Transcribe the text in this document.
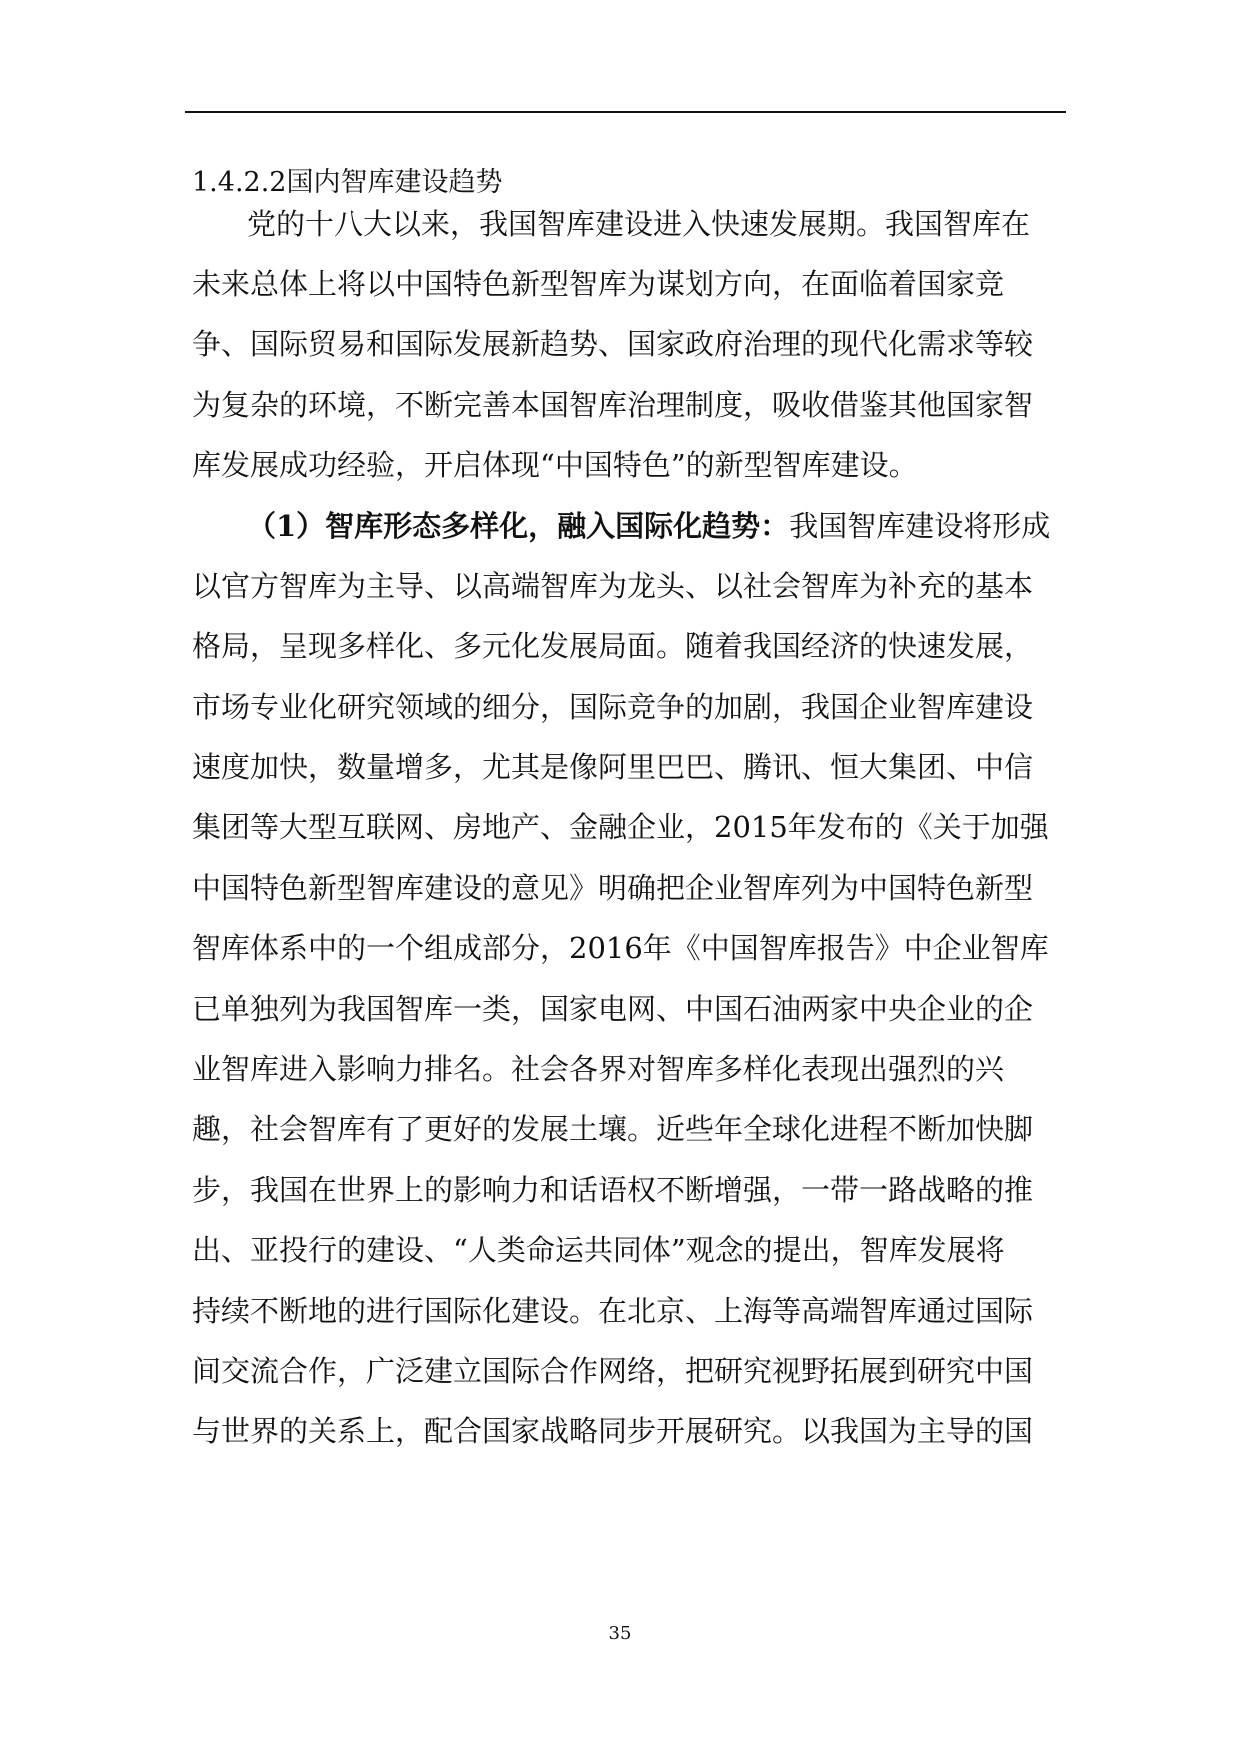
1.4.2.2国内智库建设趋势
党的十八大以来，我国智库建设进入快速发展期。我国智库在
未来总体上将以中国特色新型智库为谋划方向，在面临着国家竞
争、国际贸易和国际发展新趋势、国家政府治理的现代化需求等较
为复杂的环境，不断完善本国智库治理制度，吸收借鉴其他国家智
库发展成功经验，开启体现“中国特色”的新型智库建设。
（1）智库形态多样化，融入国际化趋势：我国智库建设将形成
以官方智库为主导、以高端智库为龙头、以社会智库为补充的基本
格局，呈现多样化、多元化发展局面。随着我国经济的快速发展，
市场专业化研究领域的细分，国际竞争的加剧，我国企业智库建设
速度加快，数量增多，尤其是像阿里巴巴、腾讯、恒大集团、中信
集团等大型互联网、房地产、金融企业，2015年发布的《关于加强
中国特色新型智库建设的意见》明确把企业智库列为中国特色新型
智库体系中的一个组成部分，2016年《中国智库报告》中企业智库
已单独列为我国智库一类，国家电网、中国石油两家中央企业的企
业智库进入影响力排名。社会各界对智库多样化表现出强烈的兴
趣，社会智库有了更好的发展土壤。近些年全球化进程不断加快脚
步，我国在世界上的影响力和话语权不断增强，一带一路战略的推
出、亚投行的建设、“人类命运共同体”观念的提出，智库发展将
持续不断地的进行国际化建设。在北京、上海等高端智库通过国际
间交流合作，广泛建立国际合作网络，把研究视野拓展到研究中国
与世界的关系上，配合国家战略同步开展研究。以我国为主导的国
35
